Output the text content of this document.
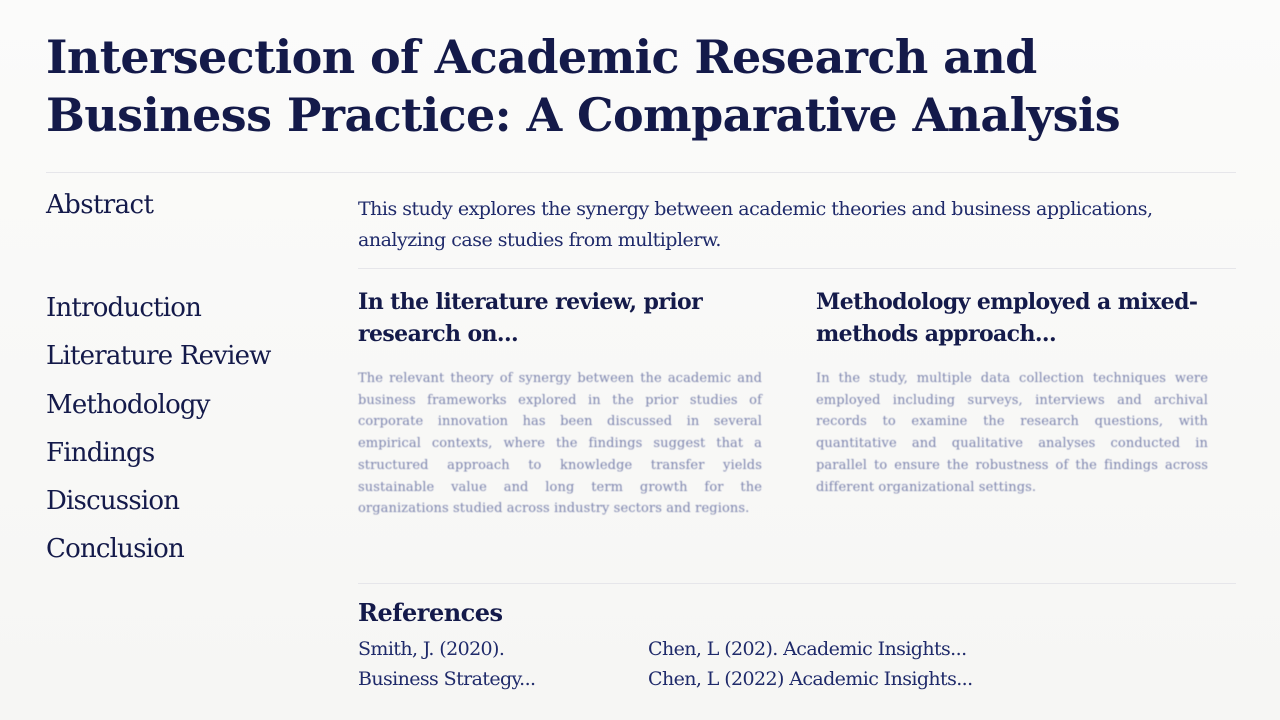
Intersection of Academic Research and Business Practice: A Comparative Analysis
Abstract	This study explores the synergy between academic theories and business applications, analyzing case studies from multiplerw.

Introduction
Literature Review
Methodology
Findings
Discussion
Conclusion
In the literature review, prior research on...

The relevant theory of synergy between the academic and business frameworks explored in the prior studies of corporate innovation has been discussed in several empirical contexts, where the findings suggest that a structured approach to knowledge transfer yields sustainable value and long term growth for the organizations studied across industry sectors and regions.

Methodology employed a mixed-methods approach...

In the study, multiple data collection techniques were employed including surveys, interviews and archival records to examine the research questions, with quantitative and qualitative analyses conducted in parallel to ensure the robustness of the findings across different organizational settings.

References
Smith, J. (2020).
Business Strategy...
Chen, L (202). Academic Insights...
Chen, L (2022) Academic Insights...
